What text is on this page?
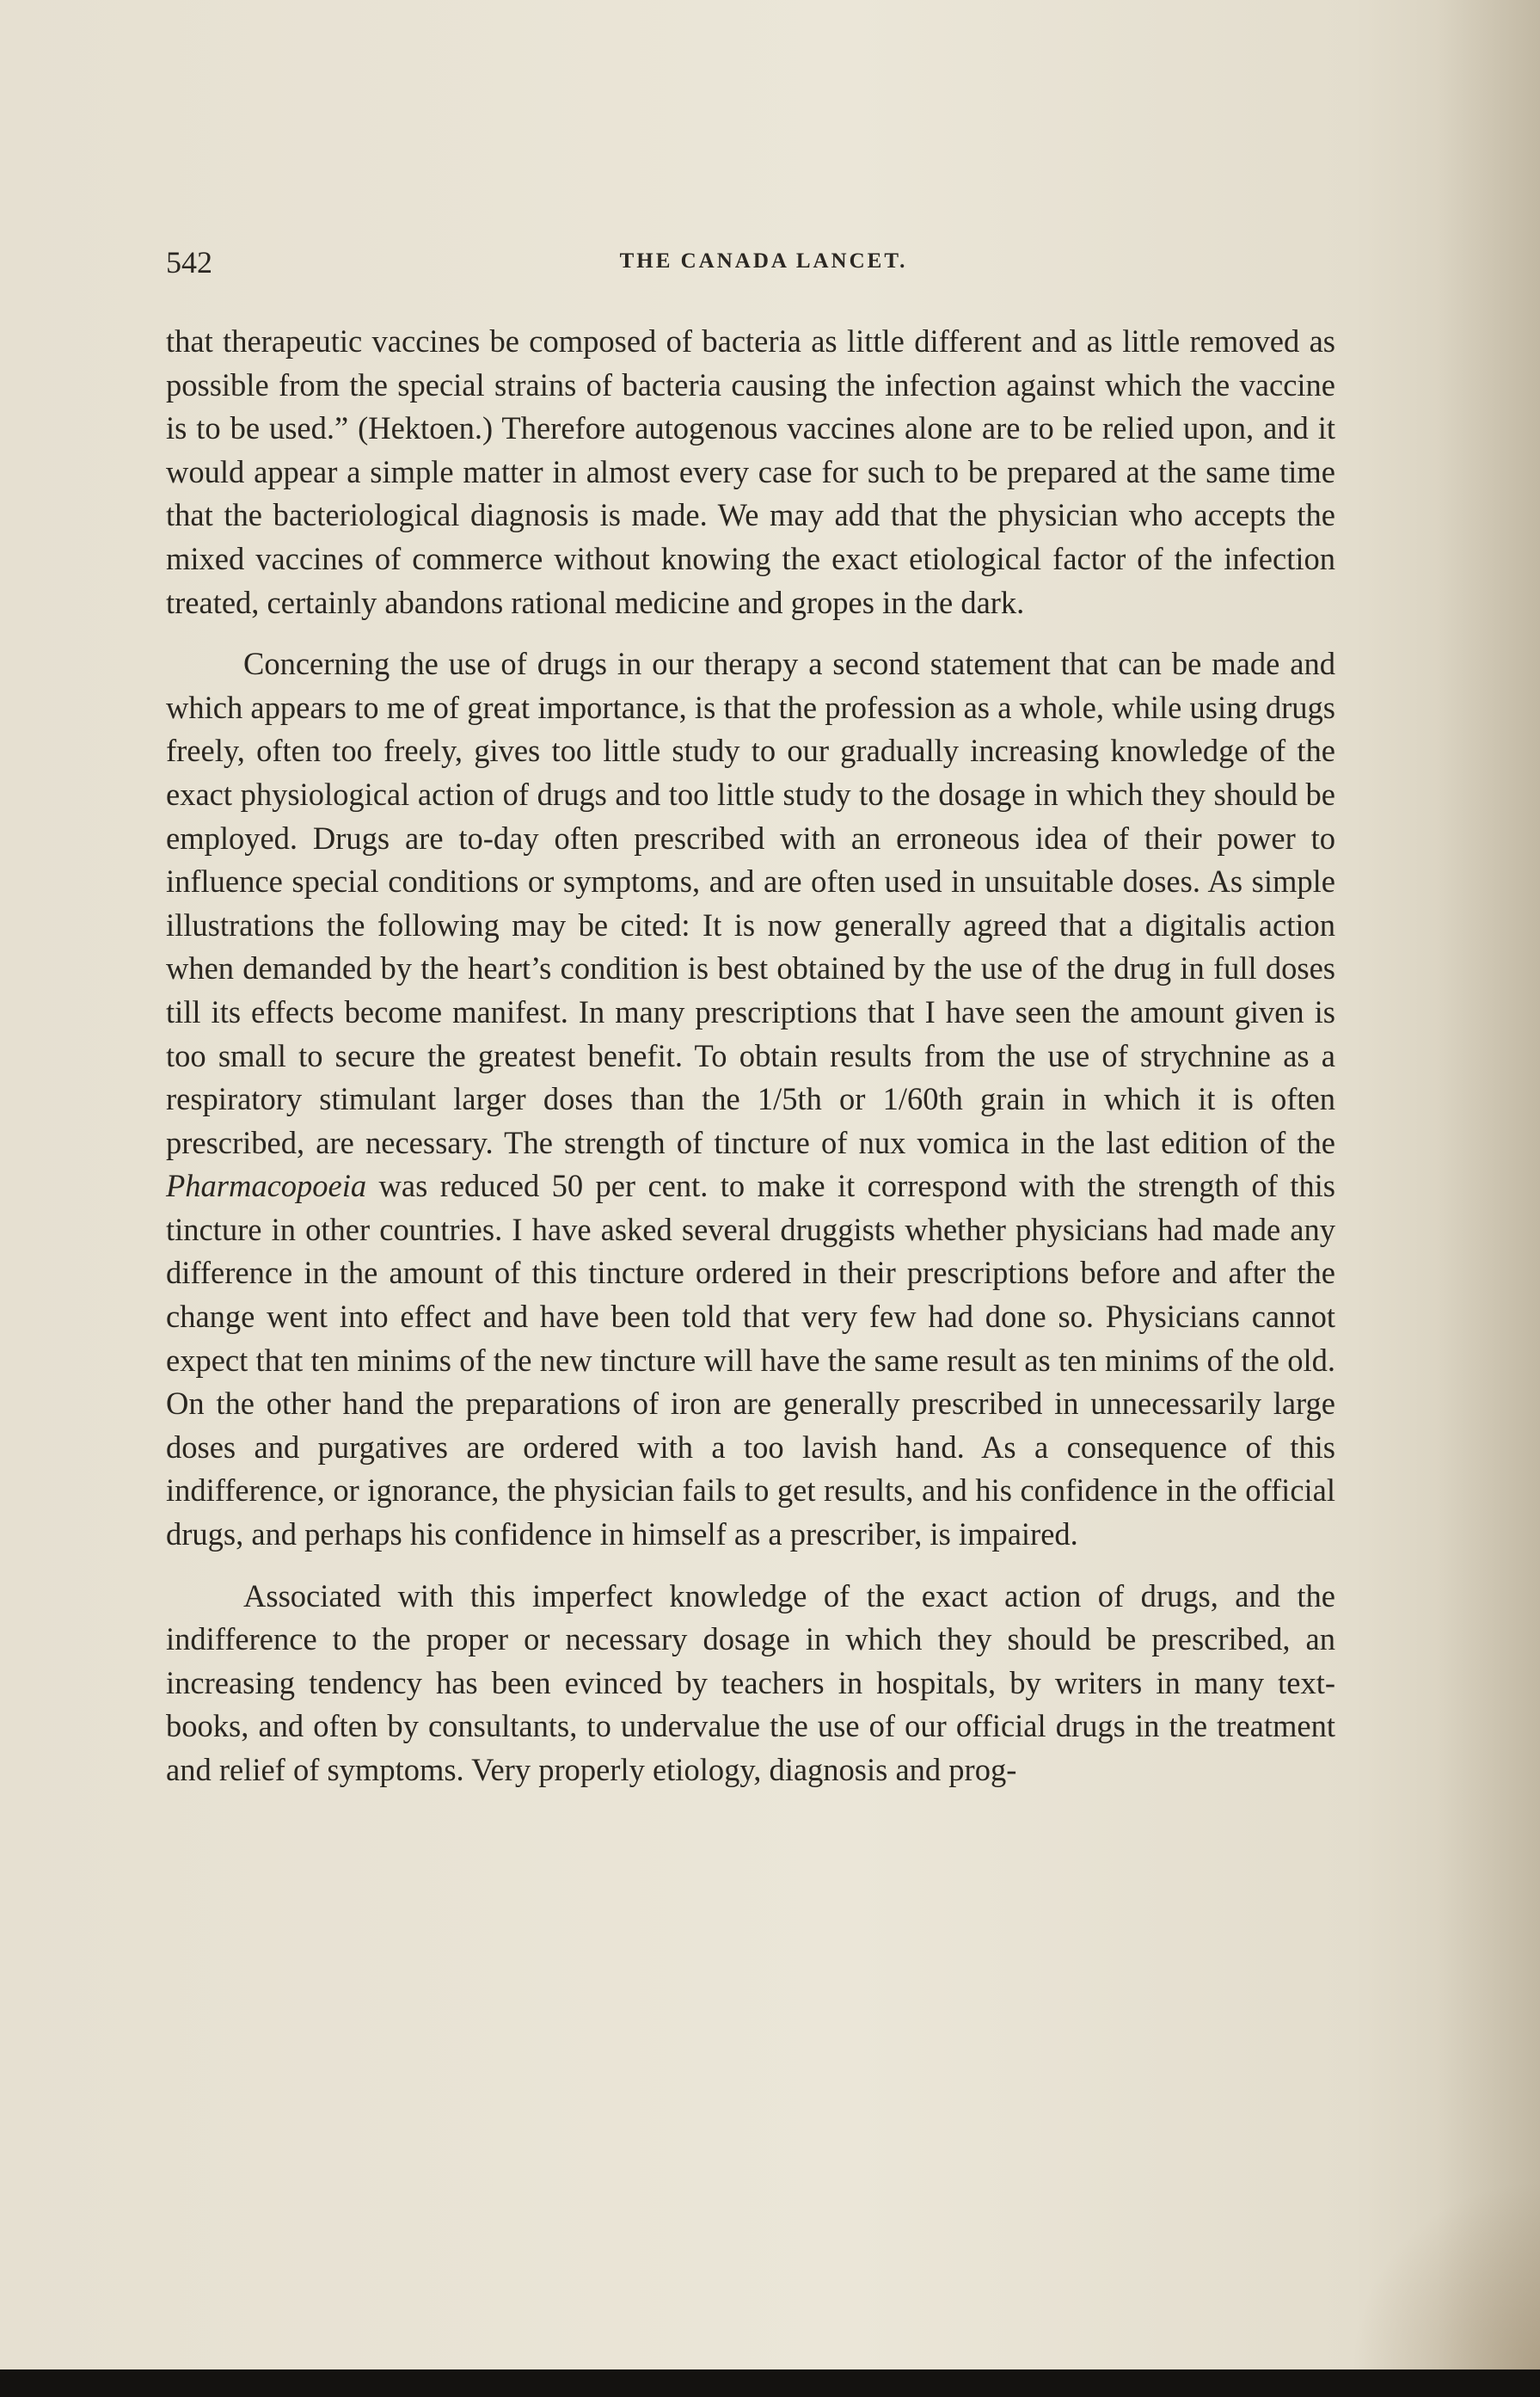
542	THE CANADA LANCET.

that therapeutic vaccines be composed of bacteria as little different and as little removed as possible from the special strains of bacteria causing the infection against which the vaccine is to be used.” (Hektoen.) Therefore autogenous vaccines alone are to be relied upon, and it would appear a simple matter in almost every case for such to be prepared at the same time that the bacteriological diagnosis is made. We may add that the physician who accepts the mixed vaccines of commerce without knowing the exact etiological factor of the infection treated, certainly abandons rational medicine and gropes in the dark.

Concerning the use of drugs in our therapy a second statement that can be made and which appears to me of great importance, is that the profession as a whole, while using drugs freely, often too freely, gives too little study to our gradually increasing knowledge of the exact physiological action of drugs and too little study to the dosage in which they should be employed. Drugs are to-day often prescribed with an erroneous idea of their power to influence special conditions or symptoms, and are often used in unsuitable doses. As simple illustrations the following may be cited: It is now generally agreed that a digitalis action when demanded by the heart’s condition is best obtained by the use of the drug in full doses till its effects become manifest. In many prescriptions that I have seen the amount given is too small to secure the greatest benefit. To obtain results from the use of strychnine as a respiratory stimulant larger doses than the 1/5th or 1/60th grain in which it is often prescribed, are necessary. The strength of tincture of nux vomica in the last edition of the Pharmacopoeia was reduced 50 per cent. to make it correspond with the strength of this tincture in other countries. I have asked several druggists whether physicians had made any difference in the amount of this tincture ordered in their prescriptions before and after the change went into effect and have been told that very few had done so. Physicians cannot expect that ten minims of the new tincture will have the same result as ten minims of the old. On the other hand the preparations of iron are generally prescribed in unnecessarily large doses and purgatives are ordered with a too lavish hand. As a consequence of this indifference, or ignorance, the physician fails to get results, and his confidence in the official drugs, and perhaps his confidence in himself as a prescriber, is impaired.

Associated with this imperfect knowledge of the exact action of drugs, and the indifference to the proper or necessary dosage in which they should be prescribed, an increasing tendency has been evinced by teachers in hospitals, by writers in many text-books, and often by consultants, to undervalue the use of our official drugs in the treatment and relief of symptoms. Very properly etiology, diagnosis and prog-
